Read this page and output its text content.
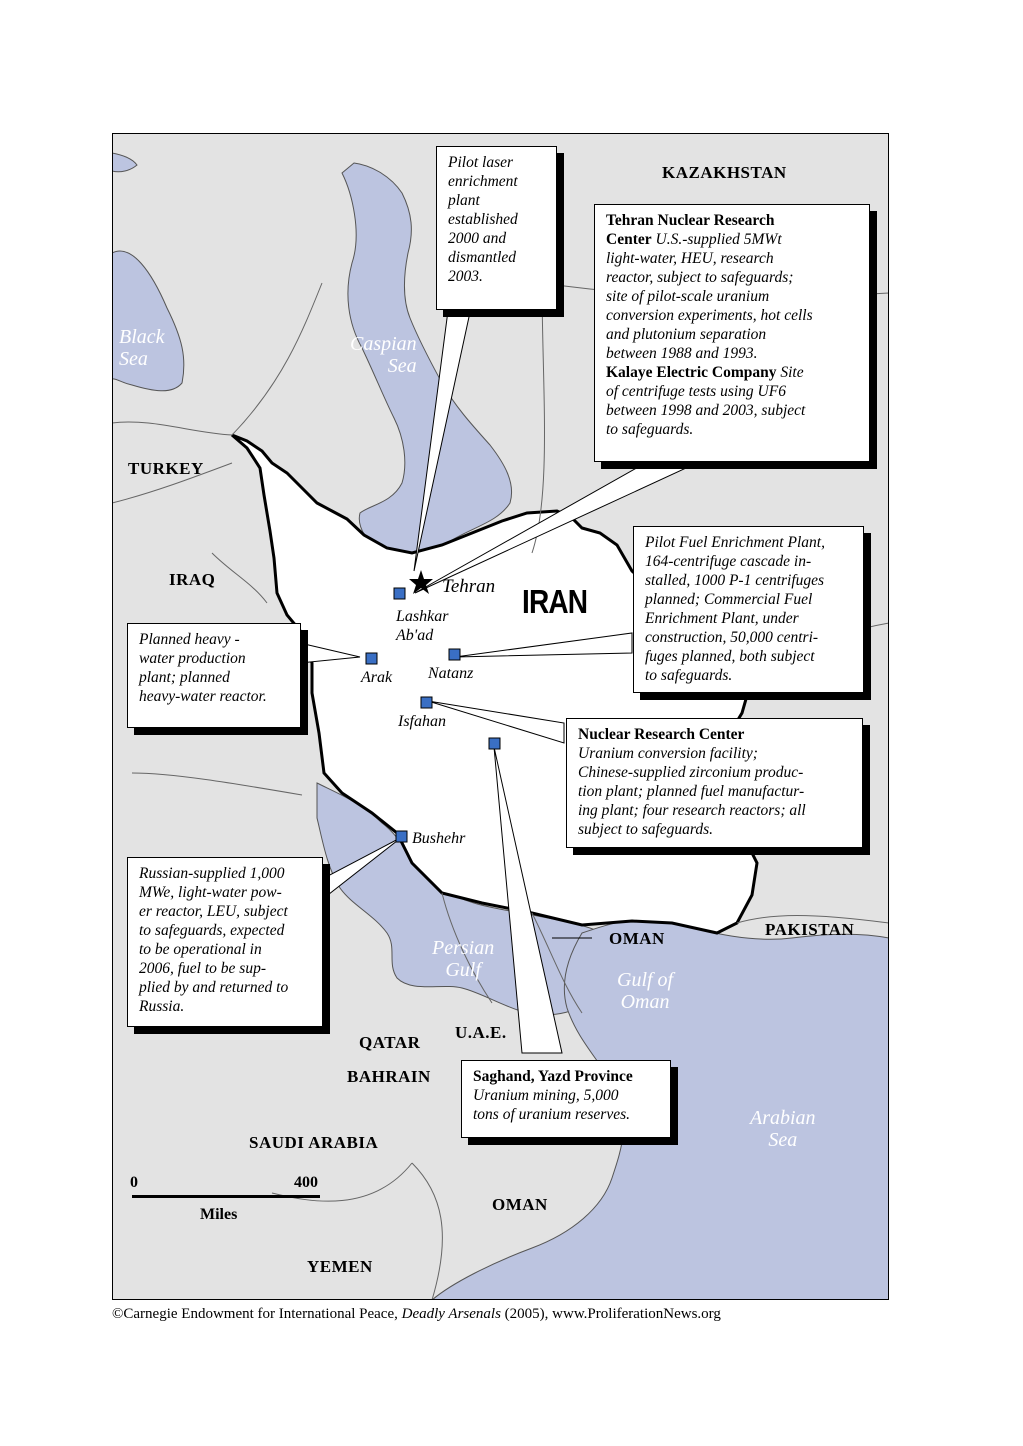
KAZAKHSTAN
TURKEY
IRAQ
IRAN
PAKISTAN
OMAN
U.A.E.
QATAR
BAHRAIN
SAUDI ARABIA
OMAN
YEMEN
Black
Sea
Caspian
Sea
Persian
Gulf	Gulf of
Oman
Arabian
Sea
Tehran
Lashkar
Ab'ad
Arak Natanz
Isfahan
Bushehr
Pilot laser
enrichment
plant
established
2000 and
dismantled
2003.
Tehran Nuclear Research
Center U.S.-supplied 5MWt
light-water, HEU, research
reactor, subject to safeguards;
site of pilot-scale uranium
conversion experiments, hot cells
and plutonium separation
between 1988 and 1993.
Kalaye Electric Company Site
of centrifuge tests using UF6
between 1998 and 2003, subject
to safeguards.
Pilot Fuel Enrichment Plant,
164-centrifuge cascade in-
stalled, 1000 P-1 centrifuges
planned; Commercial Fuel
Enrichment Plant, under
construction, 50,000 centri-
fuges planned, both subject
to safeguards.
Planned heavy -
water production
plant; planned
heavy-water reactor.
Nuclear Research Center
Uranium conversion facility;
Chinese-supplied zirconium produc-
tion plant; planned fuel manufactur-
ing plant; four research reactors; all
subject to safeguards.
Russian-supplied 1,000
MWe, light-water pow-
er reactor, LEU, subject
to safeguards, expected
to be operational in
2006, fuel to be sup-
plied by and returned to
Russia.
Saghand, Yazd Province
Uranium mining, 5,000
tons of uranium reserves.
0	400
Miles
©Carnegie Endowment for International Peace, Deadly Arsenals (2005), www.ProliferationNews.org
